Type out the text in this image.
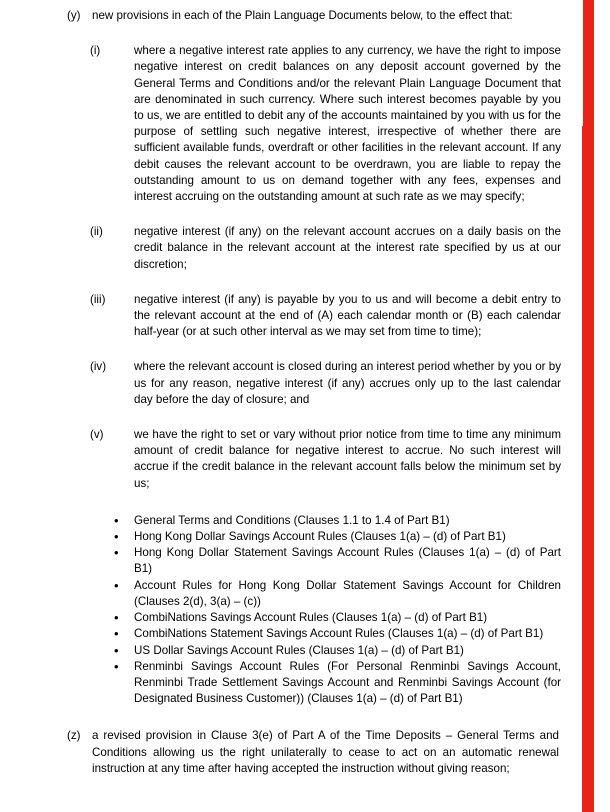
(y) new provisions in each of the Plain Language Documents below, to the effect that:

(i)	where a negative interest rate applies to any currency, we have the right to impose negative interest on credit balances on any deposit account governed by the General Terms and Conditions and/or the relevant Plain Language Document that are denominated in such currency. Where such interest becomes payable by you to us, we are entitled to debit any of the accounts maintained by you with us for the purpose of settling such negative interest, irrespective of whether there are sufficient available funds, overdraft or other facilities in the relevant account. If any debit causes the relevant account to be overdrawn, you are liable to repay the outstanding amount to us on demand together with any fees, expenses and interest accruing on the outstanding amount at such rate as we may specify;

(ii)	negative interest (if any) on the relevant account accrues on a daily basis on the credit balance in the relevant account at the interest rate specified by us at our discretion;

(iii) negative interest (if any) is payable by you to us and will become a debit entry to the relevant account at the end of (A) each calendar month or (B) each calendar half-year (or at such other interval as we may set from time to time);

(iv) where the relevant account is closed during an interest period whether by you or by us for any reason, negative interest (if any) accrues only up to the last calendar day before the day of closure; and

(v)	we have the right to set or vary without prior notice from time to time any minimum amount of credit balance for negative interest to accrue. No such interest will accrue if the credit balance in the relevant account falls below the minimum set by us;

• General Terms and Conditions (Clauses 1.1 to 1.4 of Part B1)
• Hong Kong Dollar Savings Account Rules (Clauses 1(a) – (d) of Part B1)
• Hong Kong Dollar Statement Savings Account Rules (Clauses 1(a) – (d) of Part B1)
• Account Rules for Hong Kong Dollar Statement Savings Account for Children (Clauses 2(d), 3(a) – (c))
• CombiNations Savings Account Rules (Clauses 1(a) – (d) of Part B1)
• CombiNations Statement Savings Account Rules (Clauses 1(a) – (d) of Part B1)
• US Dollar Savings Account Rules (Clauses 1(a) – (d) of Part B1)
• Renminbi Savings Account Rules (For Personal Renminbi Savings Account, Renminbi Trade Settlement Savings Account and Renminbi Savings Account (for Designated Business Customer)) (Clauses 1(a) – (d) of Part B1)
(z) a revised provision in Clause 3(e) of Part A of the Time Deposits – General Terms and Conditions allowing us the right unilaterally to cease to act on an automatic renewal instruction at any time after having accepted the instruction without giving reason;
